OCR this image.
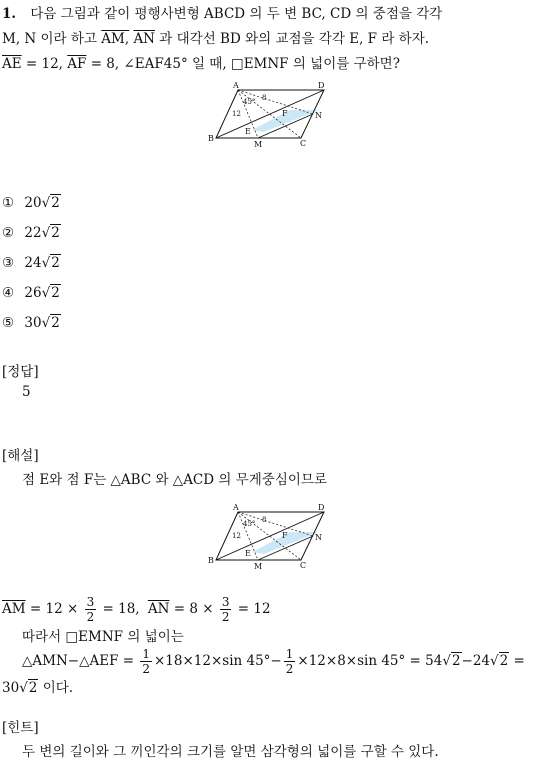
1. 다음 그림과 같이 평행사변형 ABCD 의 두 변 BC, CD 의 중점을 각각
M, N 이라 하고 AM, $\overline{AN}$ 과 대각선 BD 와의 교점을 각각 E, F 라 하자.
$\overline{AE} = 12$, $\overline{AF} = 8$, ∠EAF45° 일 때, □EMNF 의 넓이를 구하면?
A	D
B
C
M
N
E
F
45° 8
12
① 20√2
② 22√2
③ 24√2
④ 26√2
⑤ 30√2
[정답]
5
[해설]
점 E와 점 F는 △ABC 와 △ACD 의 무게중심이므로
A	D
B
C
M
N
E
F
45° 8
12
$\overline{AM} = 12 \times \frac{3}{2} = 18$, $\overline{AN} = 8 \times \frac{3}{2} = 12$
따라서 □EMNF 의 넓이는
△AMN−△AEF = $\frac{1}{2} \times 18\times 12\times\sin$ $45^\circ- \frac{1}{2} \times 12\times 8\times\sin$ 45° = 54√2−24√2 =
30√2 이다.
[힌트]
두 변의 길이와 그 끼인각의 크기를 알면 삼각형의 넓이를 구할 수 있다.
